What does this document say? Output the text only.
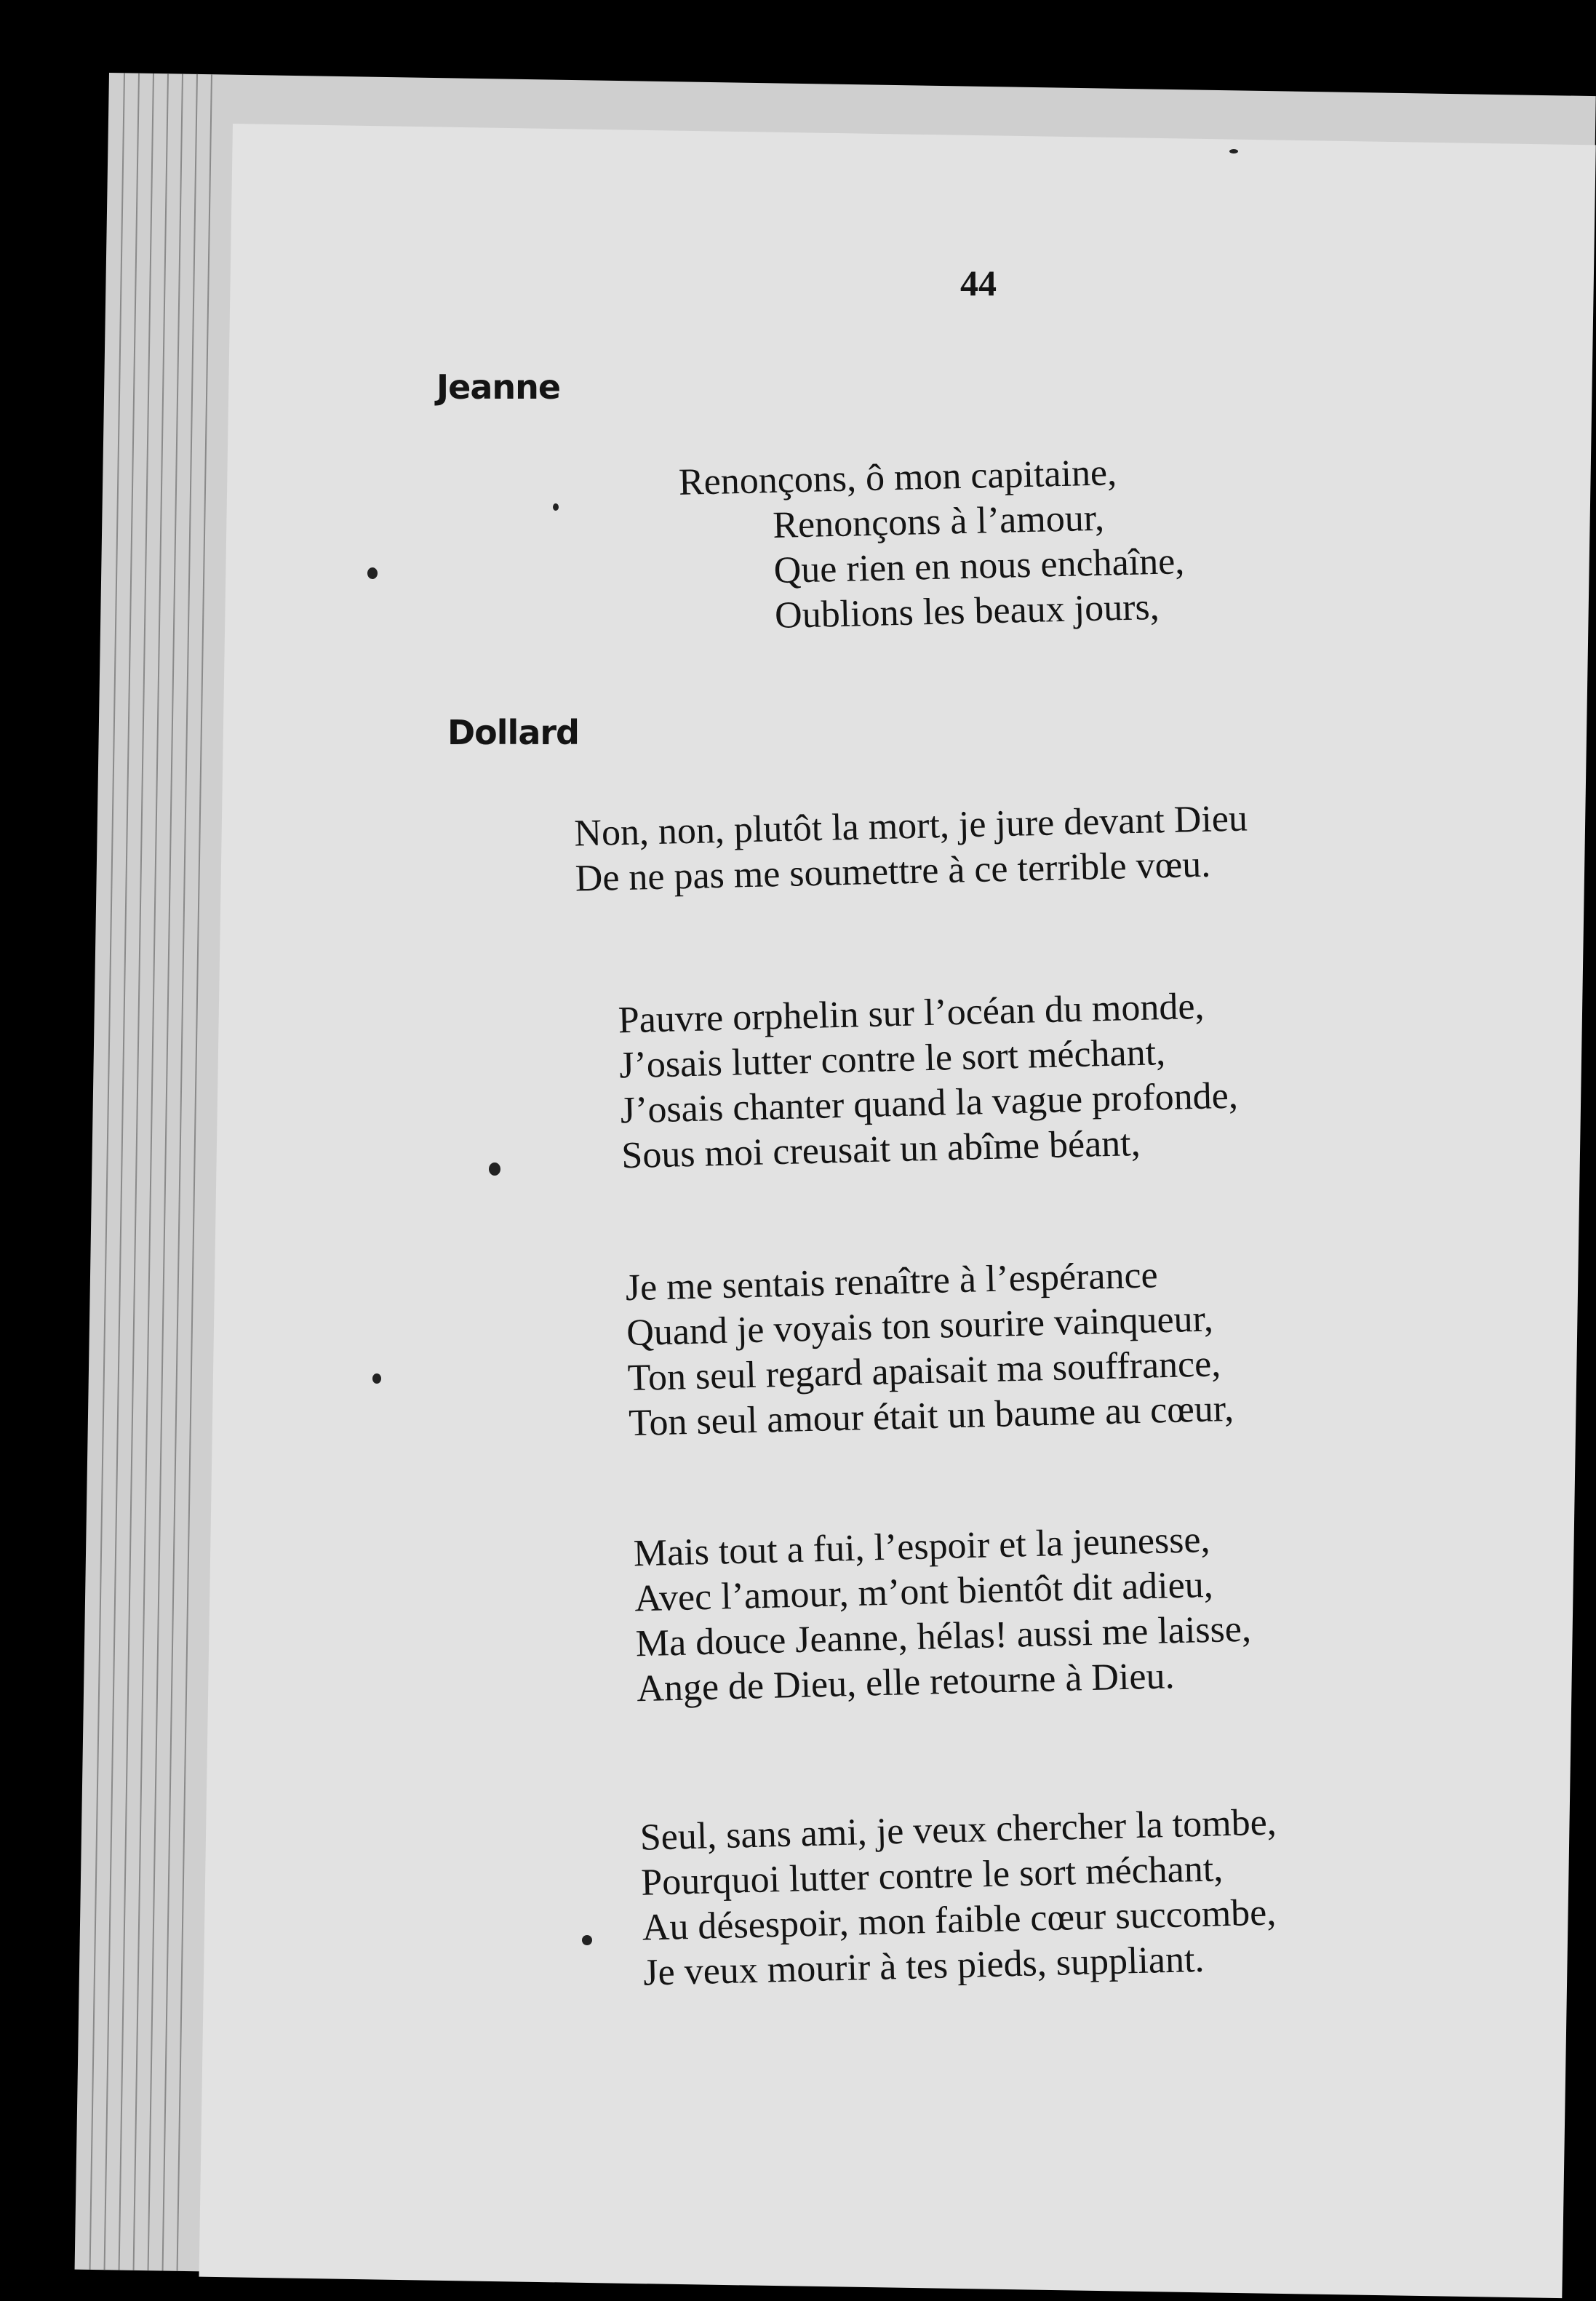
44
Jeanne
Renonçons, ô mon capitaine,
Renonçons à l’amour,
Que rien en nous enchaîne,
Oublions les beaux jours,
Dollard
Non, non, plutôt la mort, je jure devant Dieu
De ne pas me soumettre à ce terrible vœu.
Pauvre orphelin sur l’océan du monde,
J’osais lutter contre le sort méchant,
J’osais chanter quand la vague profonde,
Sous moi creusait un abîme béant,
Je me sentais renaître à l’espérance
Quand je voyais ton sourire vainqueur,
Ton seul regard apaisait ma souffrance,
Ton seul amour était un baume au cœur,
Mais tout a fui, l’espoir et la jeunesse,
Avec l’amour, m’ont bientôt dit adieu,
Ma douce Jeanne, hélas! aussi me laisse,
Ange de Dieu, elle retourne à Dieu.
Seul, sans ami, je veux chercher la tombe,
Pourquoi lutter contre le sort méchant,
Au désespoir, mon faible cœur succombe,
Je veux mourir à tes pieds, suppliant.
